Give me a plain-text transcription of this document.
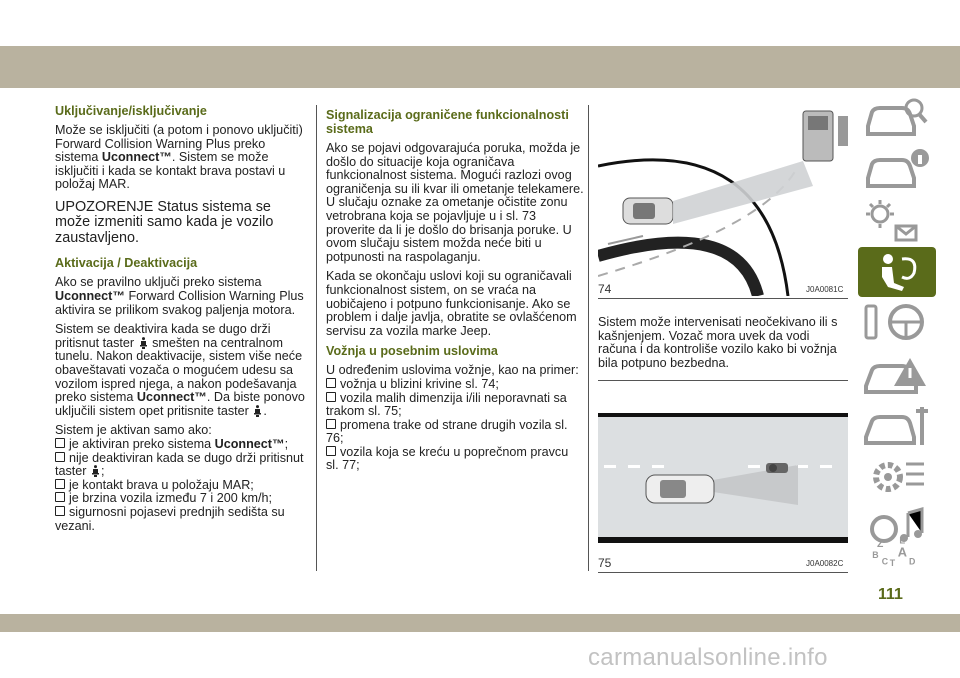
Uključivanje/isključivanje

Može se isključiti (a potom i ponovo uključiti) Forward Collision Warning Plus preko sistema Uconnect™. Sistem se može isključiti i kada se kontakt brava postavi u položaj MAR.

UPOZORENJE Status sistema se može izmeniti samo kada je vozilo zaustavljeno.

Aktivacija / Deaktivacija

Ako se pravilno uključi preko sistema Uconnect™ Forward Collision Warning Plus aktivira se prilikom svakog paljenja motora.

Sistem se deaktivira kada se dugo drži pritisnut taster  smešten na centralnom tunelu. Nakon deaktivacije, sistem više neće obaveštavati vozača o mogućem udesu sa vozilom ispred njega, a nakon podešavanja preko sistema Uconnect™. Da biste ponovo uključili sistem opet pritisnite taster .

Sistem je aktivan samo ako:

je aktiviran preko sistema Uconnect™;
nije deaktiviran kada se dugo drži pritisnut taster ;
je kontakt brava u položaju MAR;
je brzina vozila između 7 i 200 km/h;
sigurnosni pojasevi prednjih sedišta su vezani.
Signalizacija ograničene funkcionalnosti sistema

Ako se pojavi odgovarajuća poruka, možda je došlo do situacije koja ograničava funkcionalnost sistema. Mogući razlozi ovog ograničenja su ili kvar ili ometanje telekamere. U slučaju oznake za ometanje očistite zonu vetrobrana koja se pojavljuje u i sl. 73 proverite da li je došlo do brisanja poruke. U ovom slučaju sistem možda neće biti u potpunosti na raspolaganju.

Kada se okončaju uslovi koji su ograničavali funkcionalnost sistem, on se vraća na uobičajeno i potpuno funkcionisanje. Ako se problem i dalje javlja, obratite se ovlašćenom servisu za vozila marke Jeep.

Vožnja u posebnim uslovima

U određenim uslovima vožnje, kao na primer:

vožnja u blizini krivine sl. 74;
vozila malih dimenzija i/ili neporavnati sa trakom sl. 75;
promena trake od strane drugih vozila sl. 76;
vozila koja se kreću u poprečnom pravcu sl. 77;
74	J0A0081C
Sistem može intervenisati neočekivano ili s kašnjenjem. Vozač mora uvek da vodi računa i da kontroliše vozilo kako bi vožnja bila potpuno bezbedna.
75	J0A0082C
Z E
B A
C D
T
111
carmanualsonline.info
